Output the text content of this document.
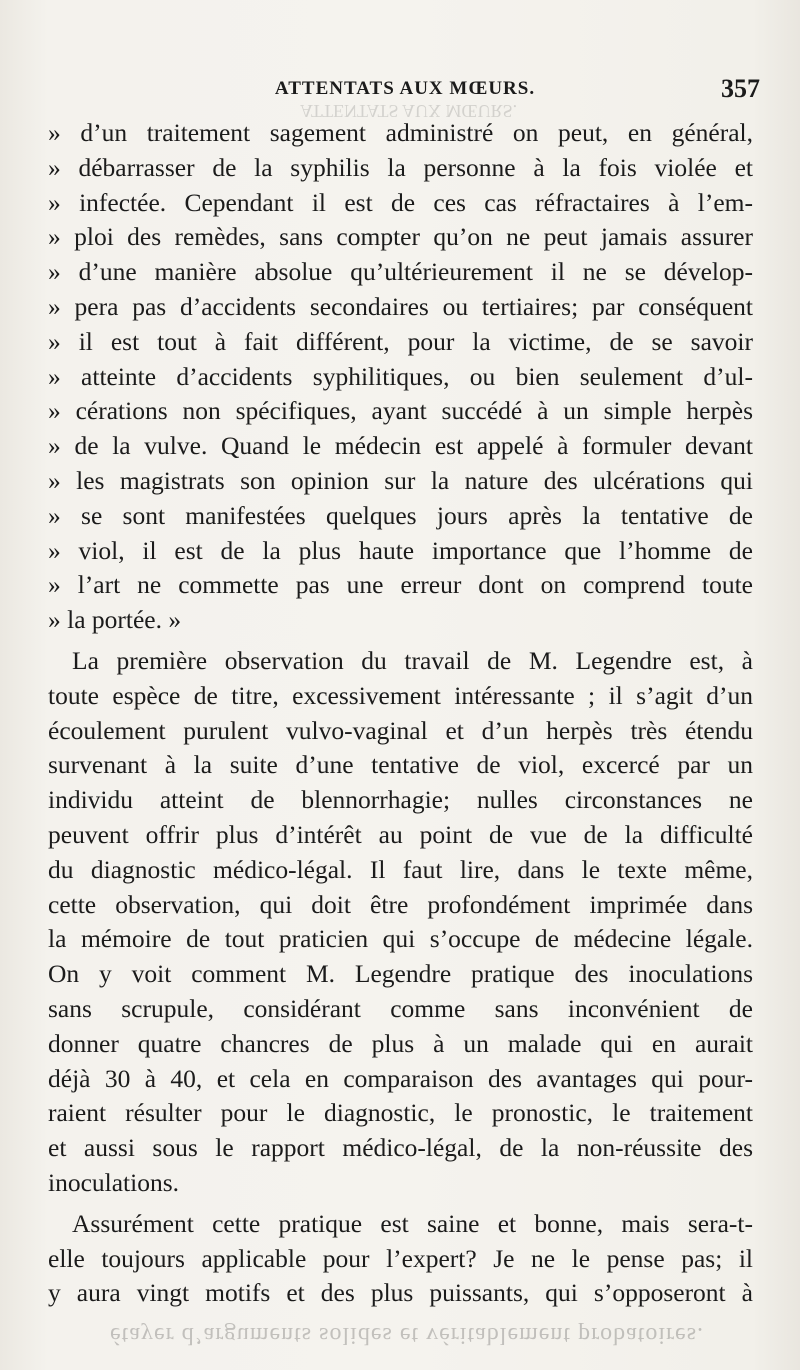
ATTENTATS AUX MŒURS.
ATTENTATS AUX MŒURS.	357
» d’un traitement sagement administré on peut, en général,
» débarrasser de la syphilis la personne à la fois violée et
» infectée. Cependant il est de ces cas réfractaires à l’em-
» ploi des remèdes, sans compter qu’on ne peut jamais assurer
» d’une manière absolue qu’ultérieurement il ne se dévelop-
» pera pas d’accidents secondaires ou tertiaires; par conséquent
» il est tout à fait différent, pour la victime, de se savoir
» atteinte d’accidents syphilitiques, ou bien seulement d’ul-
» cérations non spécifiques, ayant succédé à un simple herpès
» de la vulve. Quand le médecin est appelé à formuler devant
» les magistrats son opinion sur la nature des ulcérations qui
» se sont manifestées quelques jours après la tentative de
» viol, il est de la plus haute importance que l’homme de
» l’art ne commette pas une erreur dont on comprend toute
» la portée. »
La première observation du travail de M. Legendre est, à
toute espèce de titre, excessivement intéressante ; il s’agit d’un
écoulement purulent vulvo-vaginal et d’un herpès très étendu
survenant à la suite d’une tentative de viol, excercé par un
individu atteint de blennorrhagie; nulles circonstances ne
peuvent offrir plus d’intérêt au point de vue de la difficulté
du diagnostic médico-légal. Il faut lire, dans le texte même,
cette observation, qui doit être profondément imprimée dans
la mémoire de tout praticien qui s’occupe de médecine légale.
On y voit comment M. Legendre pratique des inoculations
sans scrupule, considérant comme sans inconvénient de
donner quatre chancres de plus à un malade qui en aurait
déjà 30 à 40, et cela en comparaison des avantages qui pour-
raient résulter pour le diagnostic, le pronostic, le traitement
et aussi sous le rapport médico-légal, de la non-réussite des
inoculations.
Assurément cette pratique est saine et bonne, mais sera-t-
elle toujours applicable pour l’expert? Je ne le pense pas; il
y aura vingt motifs et des plus puissants, qui s’opposeront à
étayer d’arguments solides et véritablement probatoires.
